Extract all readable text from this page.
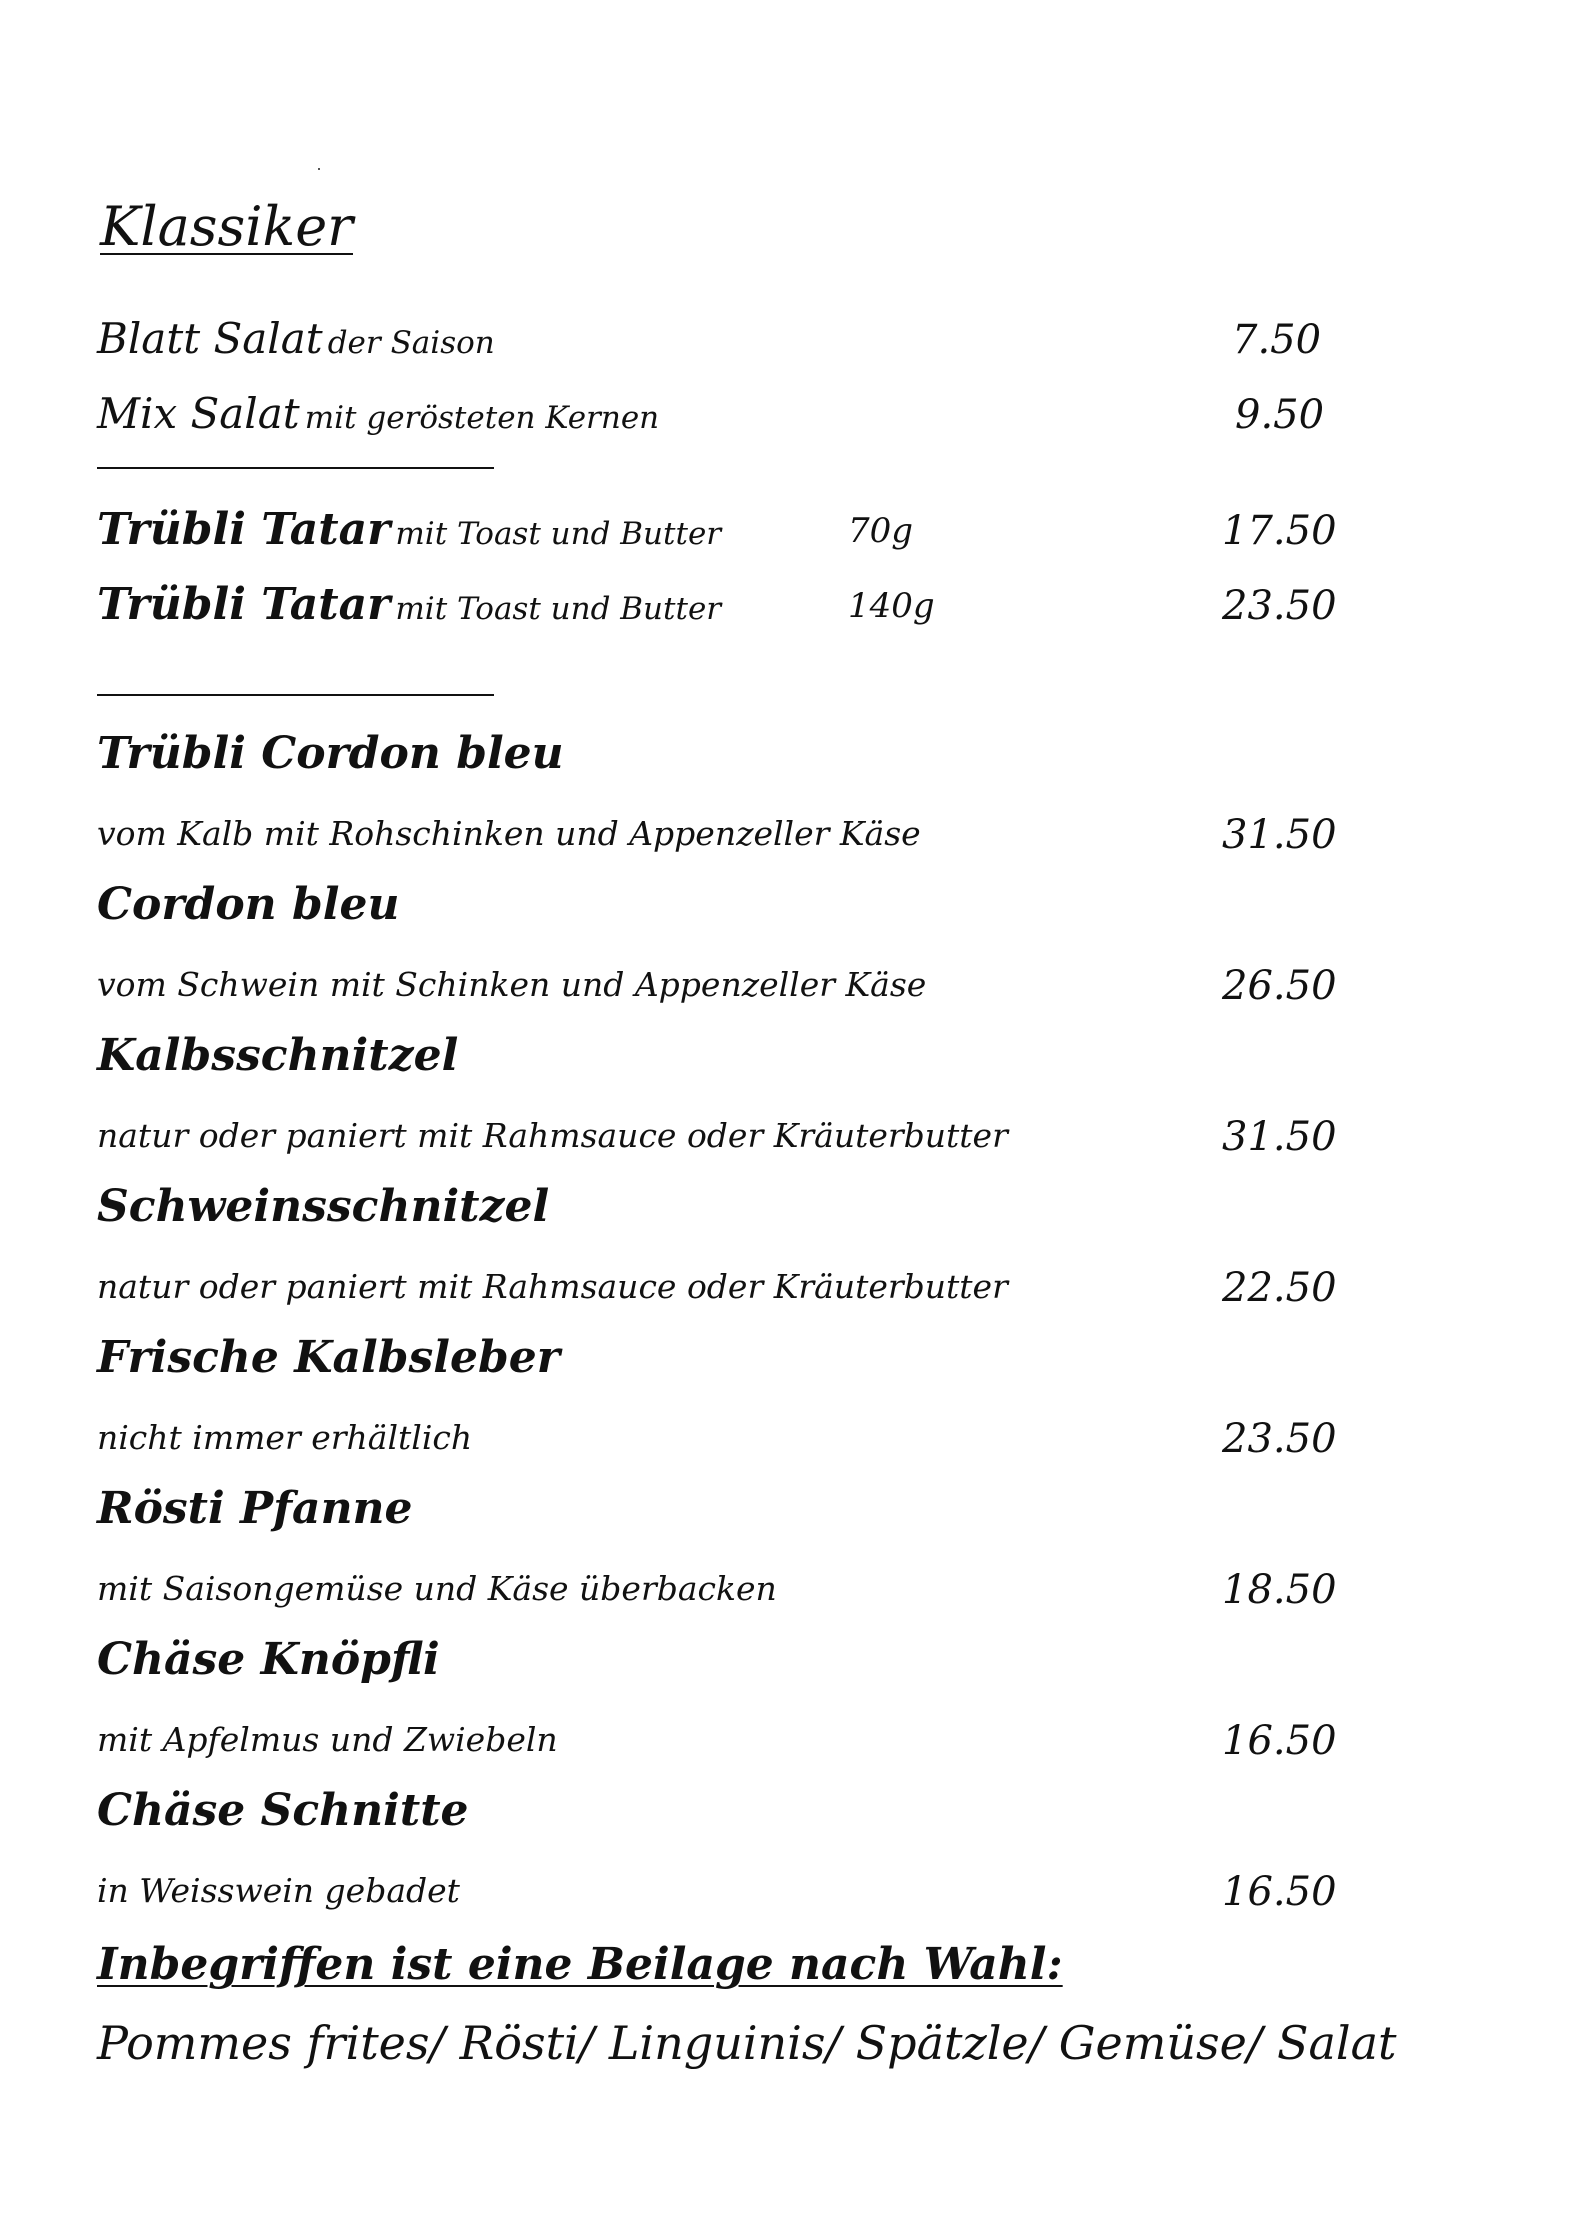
Klassiker
Blatt Salat der Saison	7.50
Mix Salat mit gerösteten Kernen	9.50
Trübli Tatar mit Toast und Butter	70g	17.50
Trübli Tatar mit Toast und Butter	140g	23.50
Trübli Cordon bleu
vom Kalb mit Rohschinken und Appenzeller Käse	31.50
Cordon bleu
vom Schwein mit Schinken und Appenzeller Käse	26.50
Kalbsschnitzel
natur oder paniert mit Rahmsauce oder Kräuterbutter	31.50
Schweinsschnitzel
natur oder paniert mit Rahmsauce oder Kräuterbutter	22.50
Frische Kalbsleber
nicht immer erhältlich	23.50
Rösti Pfanne
mit Saisongemüse und Käse überbacken	18.50
Chäse Knöpfli
mit Apfelmus und Zwiebeln	16.50
Chäse Schnitte
in Weisswein gebadet	16.50
Inbegriffen ist eine Beilage nach Wahl:
Pommes frites/ Rösti/ Linguinis/ Spätzle/ Gemüse/ Salat
